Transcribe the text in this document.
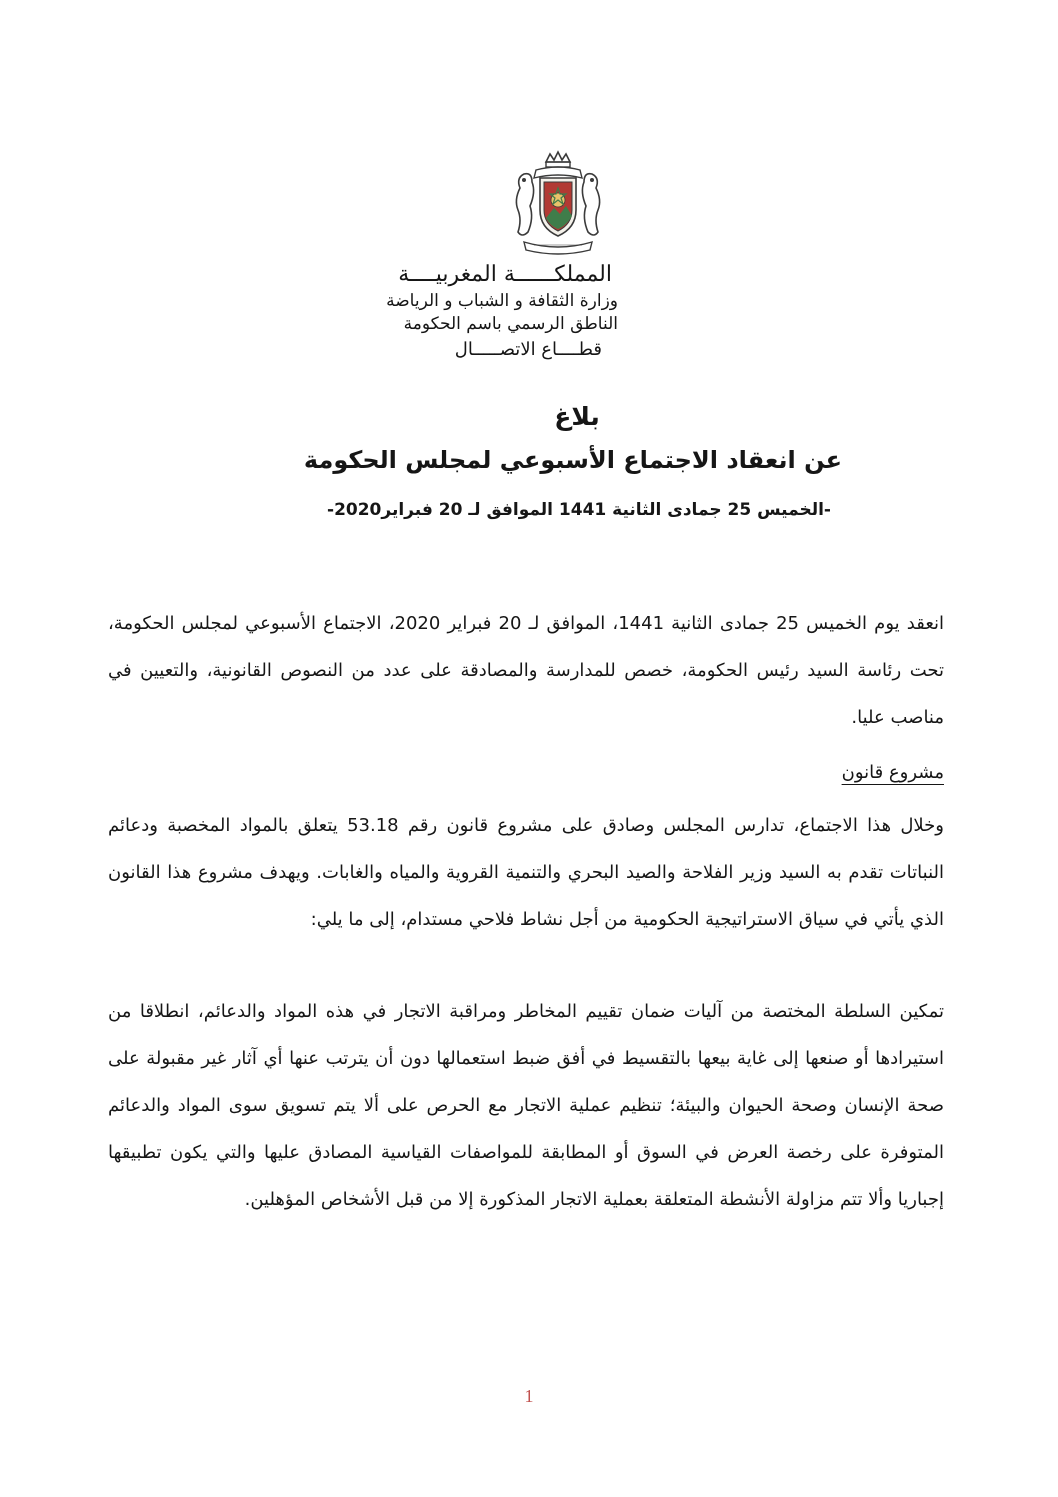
المملكــــــة المغربيــــة
وزارة الثقافة و الشباب و الرياضة
الناطق الرسمي باسم الحكومة
قطــــاع الاتصـــــال
بلاغ
عن انعقاد الاجتماع الأسبوعي لمجلس الحكومة
-الخميس 25 جمادى الثانية 1441 الموافق لـ 20 فبراير2020-
انعقد يوم الخميس 25 جمادى الثانية 1441، الموافق لـ 20 فبراير 2020، الاجتماع الأسبوعي لمجلس الحكومة، تحت رئاسة السيد رئيس الحكومة، خصص للمدارسة والمصادقة على عدد من النصوص القانونية، والتعيين في مناصب عليا.
مشروع قانون
وخلال هذا الاجتماع، تدارس المجلس وصادق على مشروع قانون رقم 53.18 يتعلق بالمواد المخصبة ودعائم النباتات تقدم به السيد وزير الفلاحة والصيد البحري والتنمية القروية والمياه والغابات. ويهدف مشروع هذا القانون الذي يأتي في سياق الاستراتيجية الحكومية من أجل نشاط فلاحي مستدام، إلى ما يلي:
تمكين السلطة المختصة من آليات ضمان تقييم المخاطر ومراقبة الاتجار في هذه المواد والدعائم، انطلاقا من استيرادها أو صنعها إلى غاية بيعها بالتقسيط في أفق ضبط استعمالها دون أن يترتب عنها أي آثار غير مقبولة على صحة الإنسان وصحة الحيوان والبيئة؛ تنظيم عملية الاتجار مع الحرص على ألا يتم تسويق سوى المواد والدعائم المتوفرة على رخصة العرض في السوق أو المطابقة للمواصفات القياسية المصادق عليها والتي يكون تطبيقها إجباريا وألا تتم مزاولة الأنشطة المتعلقة بعملية الاتجار المذكورة إلا من قبل الأشخاص المؤهلين.
1
